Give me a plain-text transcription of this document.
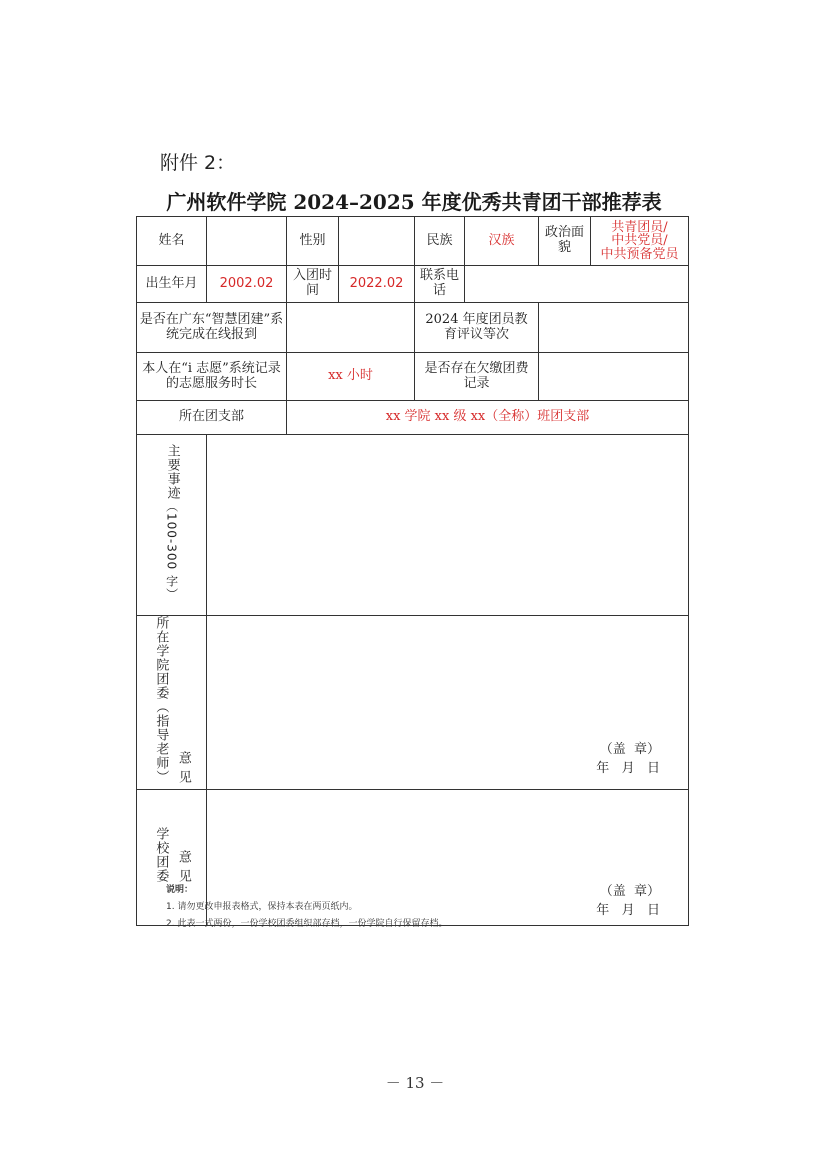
附件 2：
广州软件学院 2024–2025 年度优秀共青团干部推荐表
姓名		性别		民族	汉族	政治面貌	共青团员/
中共党员/
中共预备党员

出生年月	2002.02	入团时间	2022.02	联系电话			
是否在广东“智慧团建”系统完成在线报到				2024 年度团员教育评议等次			
本人在“i 志愿”系统记录的志愿服务时长		xx 小时		是否存在欠缴团费记录			
所在团支部		xx 学院 xx 级 xx（全称）班团支部					
主要事迹（100-300 字）							
所在学院团委（指导老师） 意 见	（盖  章）
年   月   日						

学校团委 意 见	（盖  章）
年   月   日						
说明：
1. 请勿更改申报表格式，保持本表在两页纸内。
2. 此表一式两份，一份学校团委组织部存档，一份学院自行保留存档。
－ 13 －
